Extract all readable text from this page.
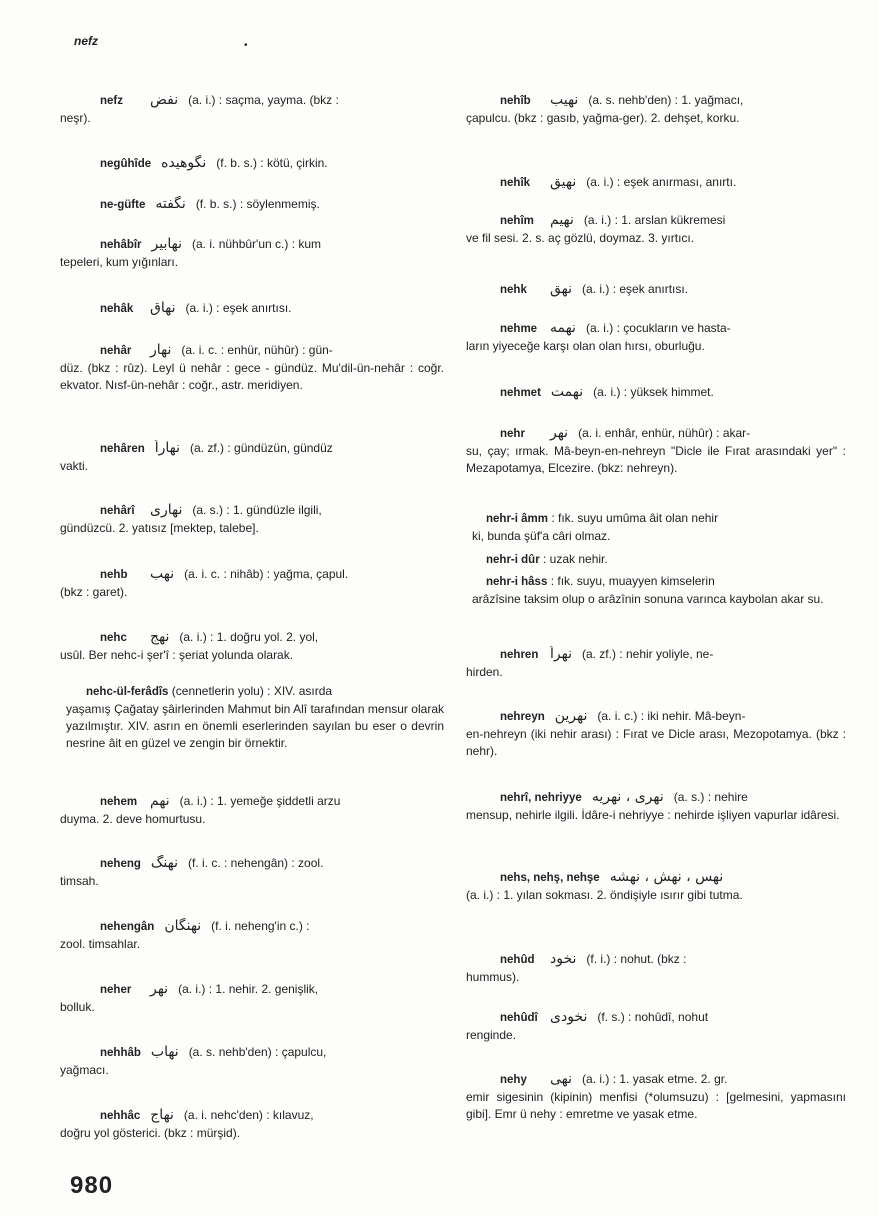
nefz	•
nefz نفض (a. i.) : saçma, yayma. (bkz :
neşr).
negûhîde نگوهیده (f. b. s.) : kötü, çirkin.
ne-güfte نگفته (f. b. s.) : söylenmemiş.
nehâbîr نهابیر (a. i. nühbûr'un c.) : kum
tepeleri, kum yığınları.
nehâk نهاق (a. i.) : eşek anırtısı.
nehâr نهار (a. i. c. : enhür, nühûr) : gün-
düz. (bkz : rûz). Leyl ü nehâr : gece - gündüz. Mu'dil-ün-nehâr : coğr. ekvator. Nısf-ün-nehâr : coğr., astr. meridiyen.
nehâren نهاراً (a. zf.) : gündüzün, gündüz
vakti.
nehârî نهاری (a. s.) : 1. gündüzle ilgili,
gündüzcü. 2. yatısız [mektep, talebe].
nehb نهب (a. i. c. : nihâb) : yağma, çapul.
(bkz : garet).
nehc نهج (a. i.) : 1. doğru yol. 2. yol,
usûl. Ber nehc-i şer'î : şeriat yolunda olarak.
nehc-ül-ferâdîs (cennetlerin yolu) : XIV. asırda
yaşamış Çağatay şâirlerinden Mahmut bin Alî tarafından mensur olarak yazılmıştır. XIV. asrın en önemli eserlerinden sayılan bu eser o devrin nesrine âit en güzel ve zengin bir örnektir.
nehem نهم (a. i.) : 1. yemeğe şiddetli arzu
duyma. 2. deve homurtusu.
neheng نهنگ (f. i. c. : nehengân) : zool.
timsah.
nehengân نهنگان (f. i. neheng'in c.) :
zool. timsahlar.
neher نهر (a. i.) : 1. nehir. 2. genişlik,
bolluk.
nehhâb نهاب (a. s. nehb'den) : çapulcu,
yağmacı.
nehhâc نهاج (a. i. nehc'den) : kılavuz,
doğru yol gösterici. (bkz : mürşid).
nehîb نهیب (a. s. nehb'den) : 1. yağmacı,
çapulcu. (bkz : gasıb, yağma-ger). 2. dehşet, korku.
nehîk نهیق (a. i.) : eşek anırması, anırtı.
nehîm نهیم (a. i.) : 1. arslan kükremesi
ve fil sesi. 2. s. aç gözlü, doymaz. 3. yırtıcı.
nehk نهق (a. i.) : eşek anırtısı.
nehme نهمه (a. i.) : çocukların ve hasta-
ların yiyeceğe karşı olan olan hırsı, oburluğu.
nehmet نهمت (a. i.) : yüksek himmet.
nehr نهر (a. i. enhâr, enhür, nühûr) : akar-
su, çay; ırmak. Mâ-beyn-en-nehreyn "Dicle ile Fırat arasındaki yer" : Mezapotamya, Elcezire. (bkz: nehreyn).
nehr-i âmm : fık. suyu umûma âit olan nehir
ki, bunda şüf'a câri olmaz.
nehr-i dûr : uzak nehir.
nehr-i hâss : fık. suyu, muayyen kimselerin
arâzîsine taksim olup o arâzînin sonuna varınca kaybolan akar su.
nehren نهراً (a. zf.) : nehir yoliyle, ne-
hirden.
nehreyn نهرین (a. i. c.) : iki nehir. Mâ-beyn-
en-nehreyn (iki nehir arası) : Fırat ve Dicle arası, Mezopotamya. (bkz : nehr).
nehrî, nehriyye نهری ، نهریه (a. s.) : nehire
mensup, nehirle ilgili. İdâre-i nehriyye : nehirde işliyen vapurlar idâresi.
nehs, nehş, nehşe نهس ، نهش ، نهشه
(a. i.) : 1. yılan sokması. 2. öndişiyle ısırır gibi tutma.
nehûd نخود (f. i.) : nohut. (bkz :
hummus).
nehûdî نخودی (f. s.) : nohûdî, nohut
renginde.
nehy نهی (a. i.) : 1. yasak etme. 2. gr.
emir sigesinin (kipinin) menfisi (*olumsuzu) : [gelmesini, yapmasını gibi]. Emr ü nehy : emretme ve yasak etme.
980
